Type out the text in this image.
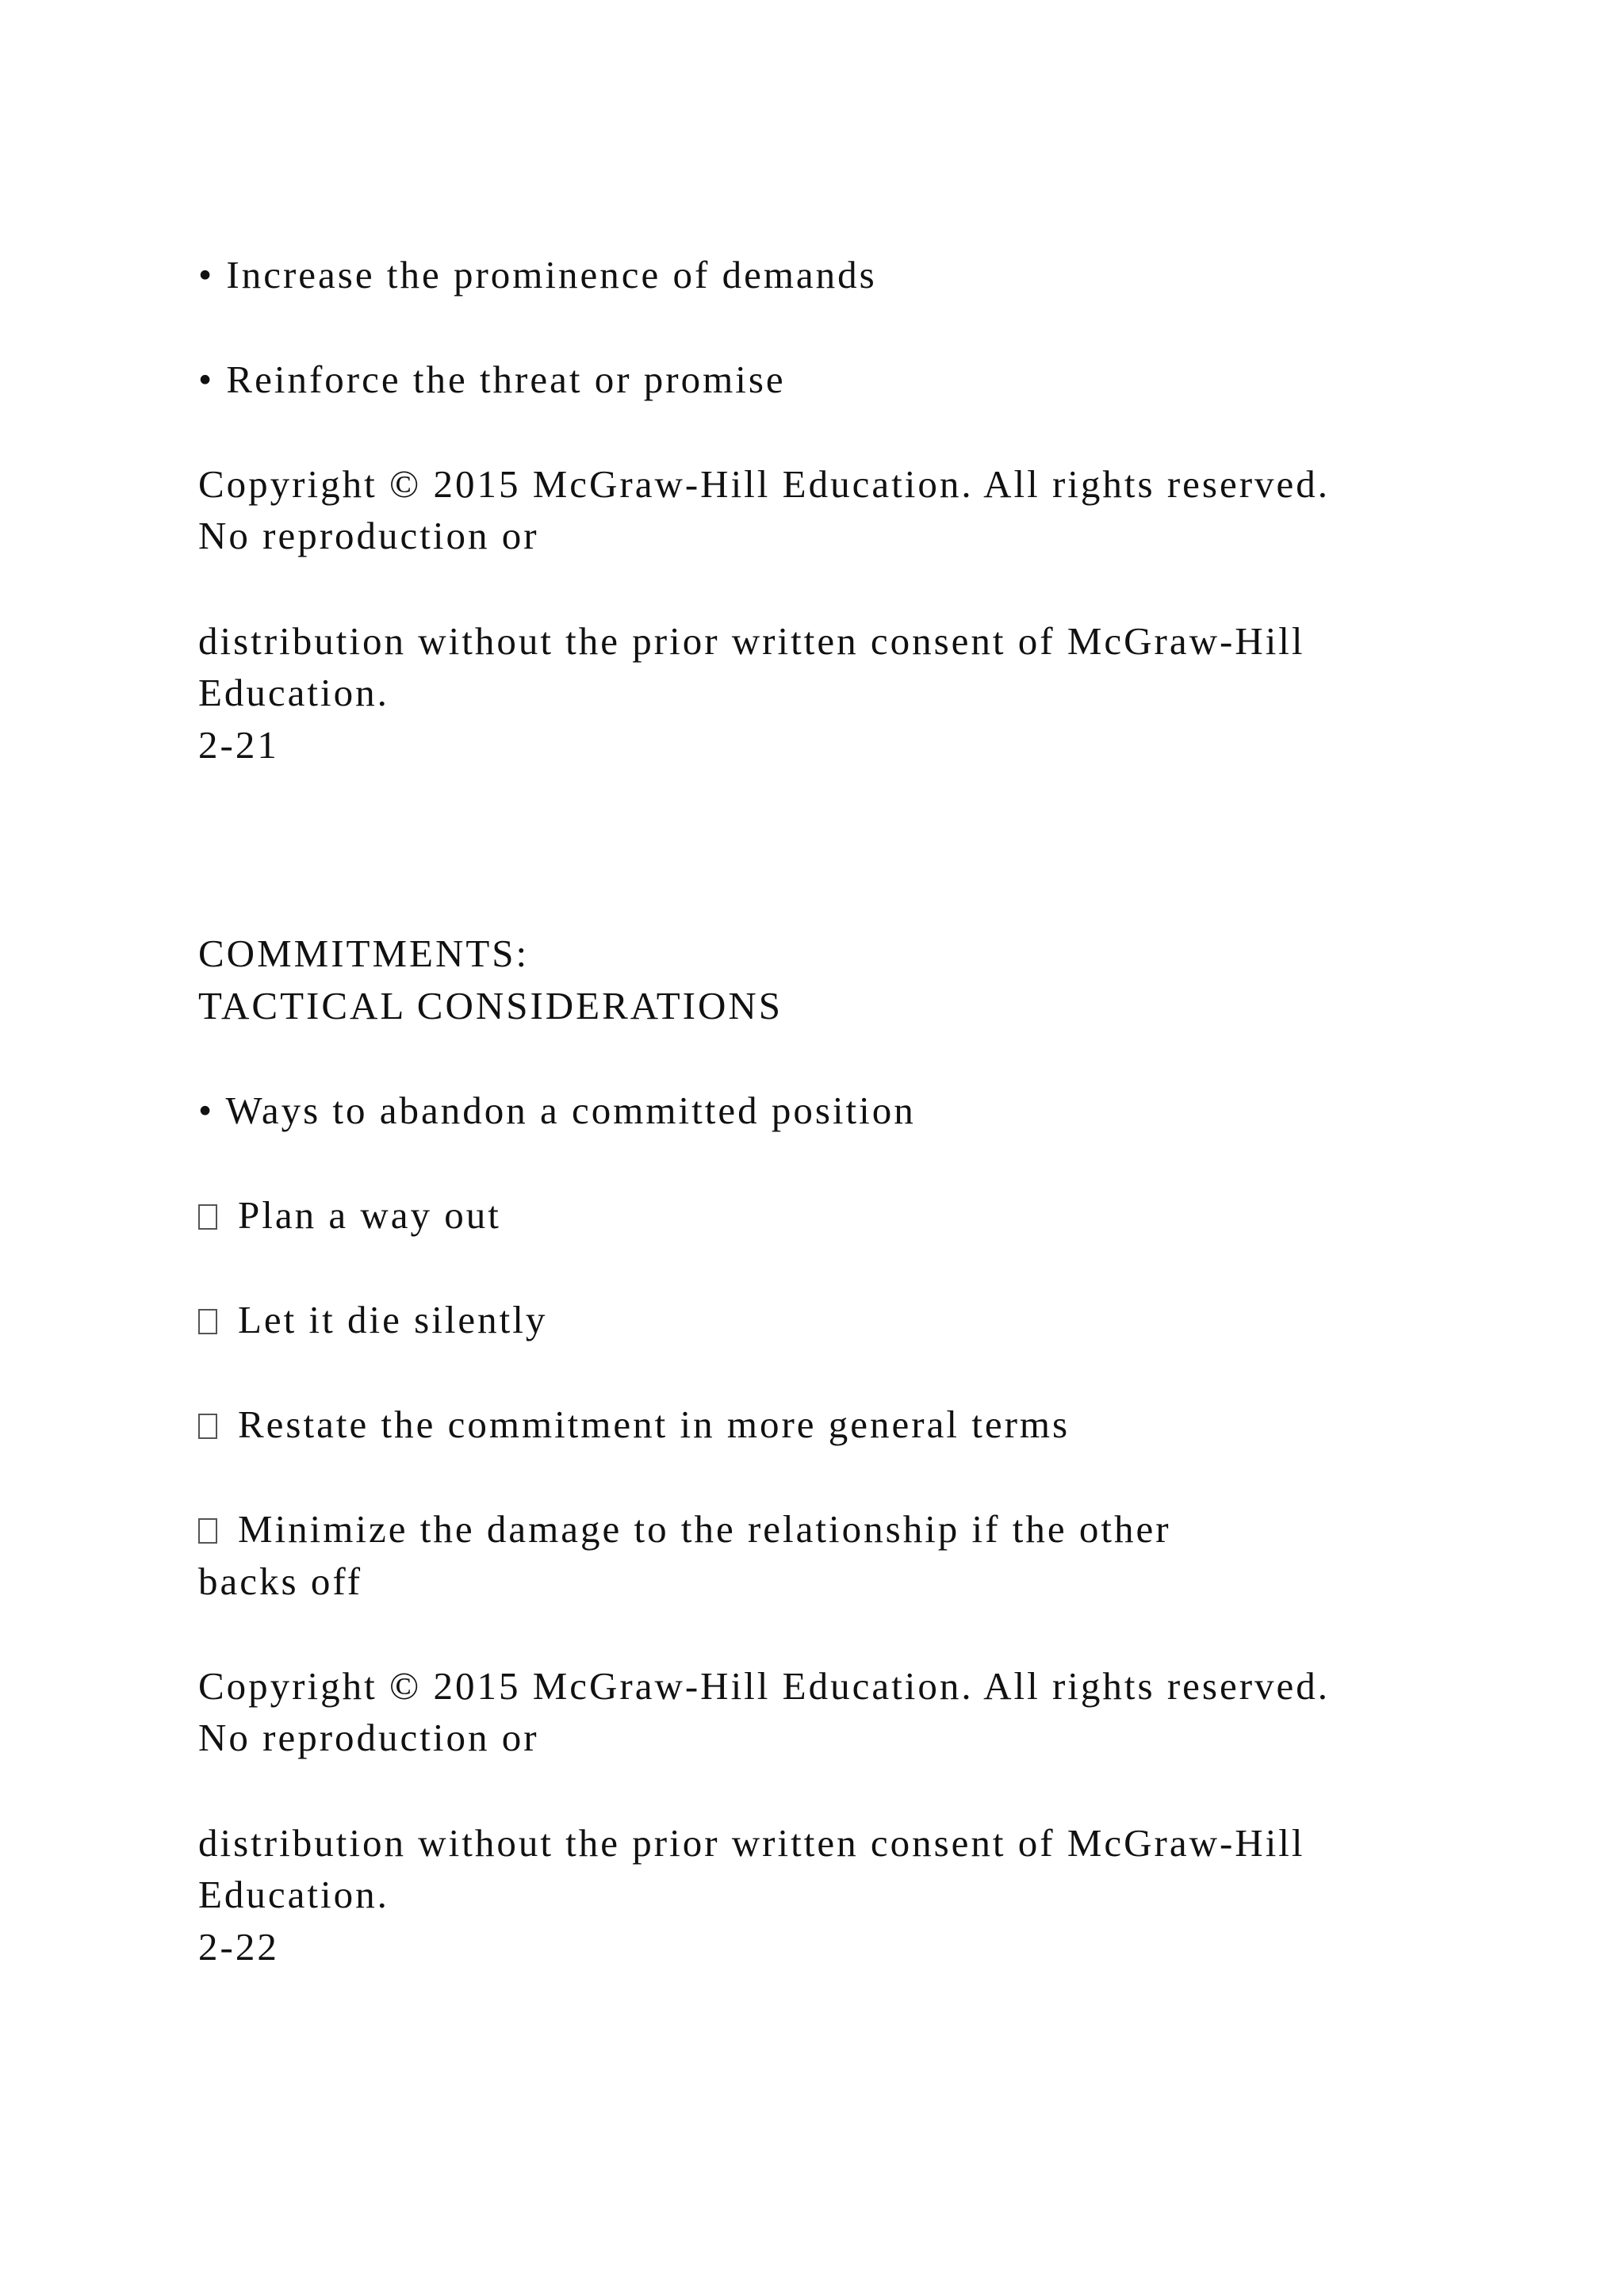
• Increase the prominence of demands
• Reinforce the threat or promise
Copyright © 2015 McGraw-Hill Education. All rights reserved.
No reproduction or
distribution without the prior written consent of McGraw-Hill
Education.
2-21
COMMITMENTS:
TACTICAL CONSIDERATIONS
• Ways to abandon a committed position
Plan a way out
Let it die silently
Restate the commitment in more general terms
Minimize the damage to the relationship if the other
backs off
Copyright © 2015 McGraw-Hill Education. All rights reserved.
No reproduction or
distribution without the prior written consent of McGraw-Hill
Education.
2-22
